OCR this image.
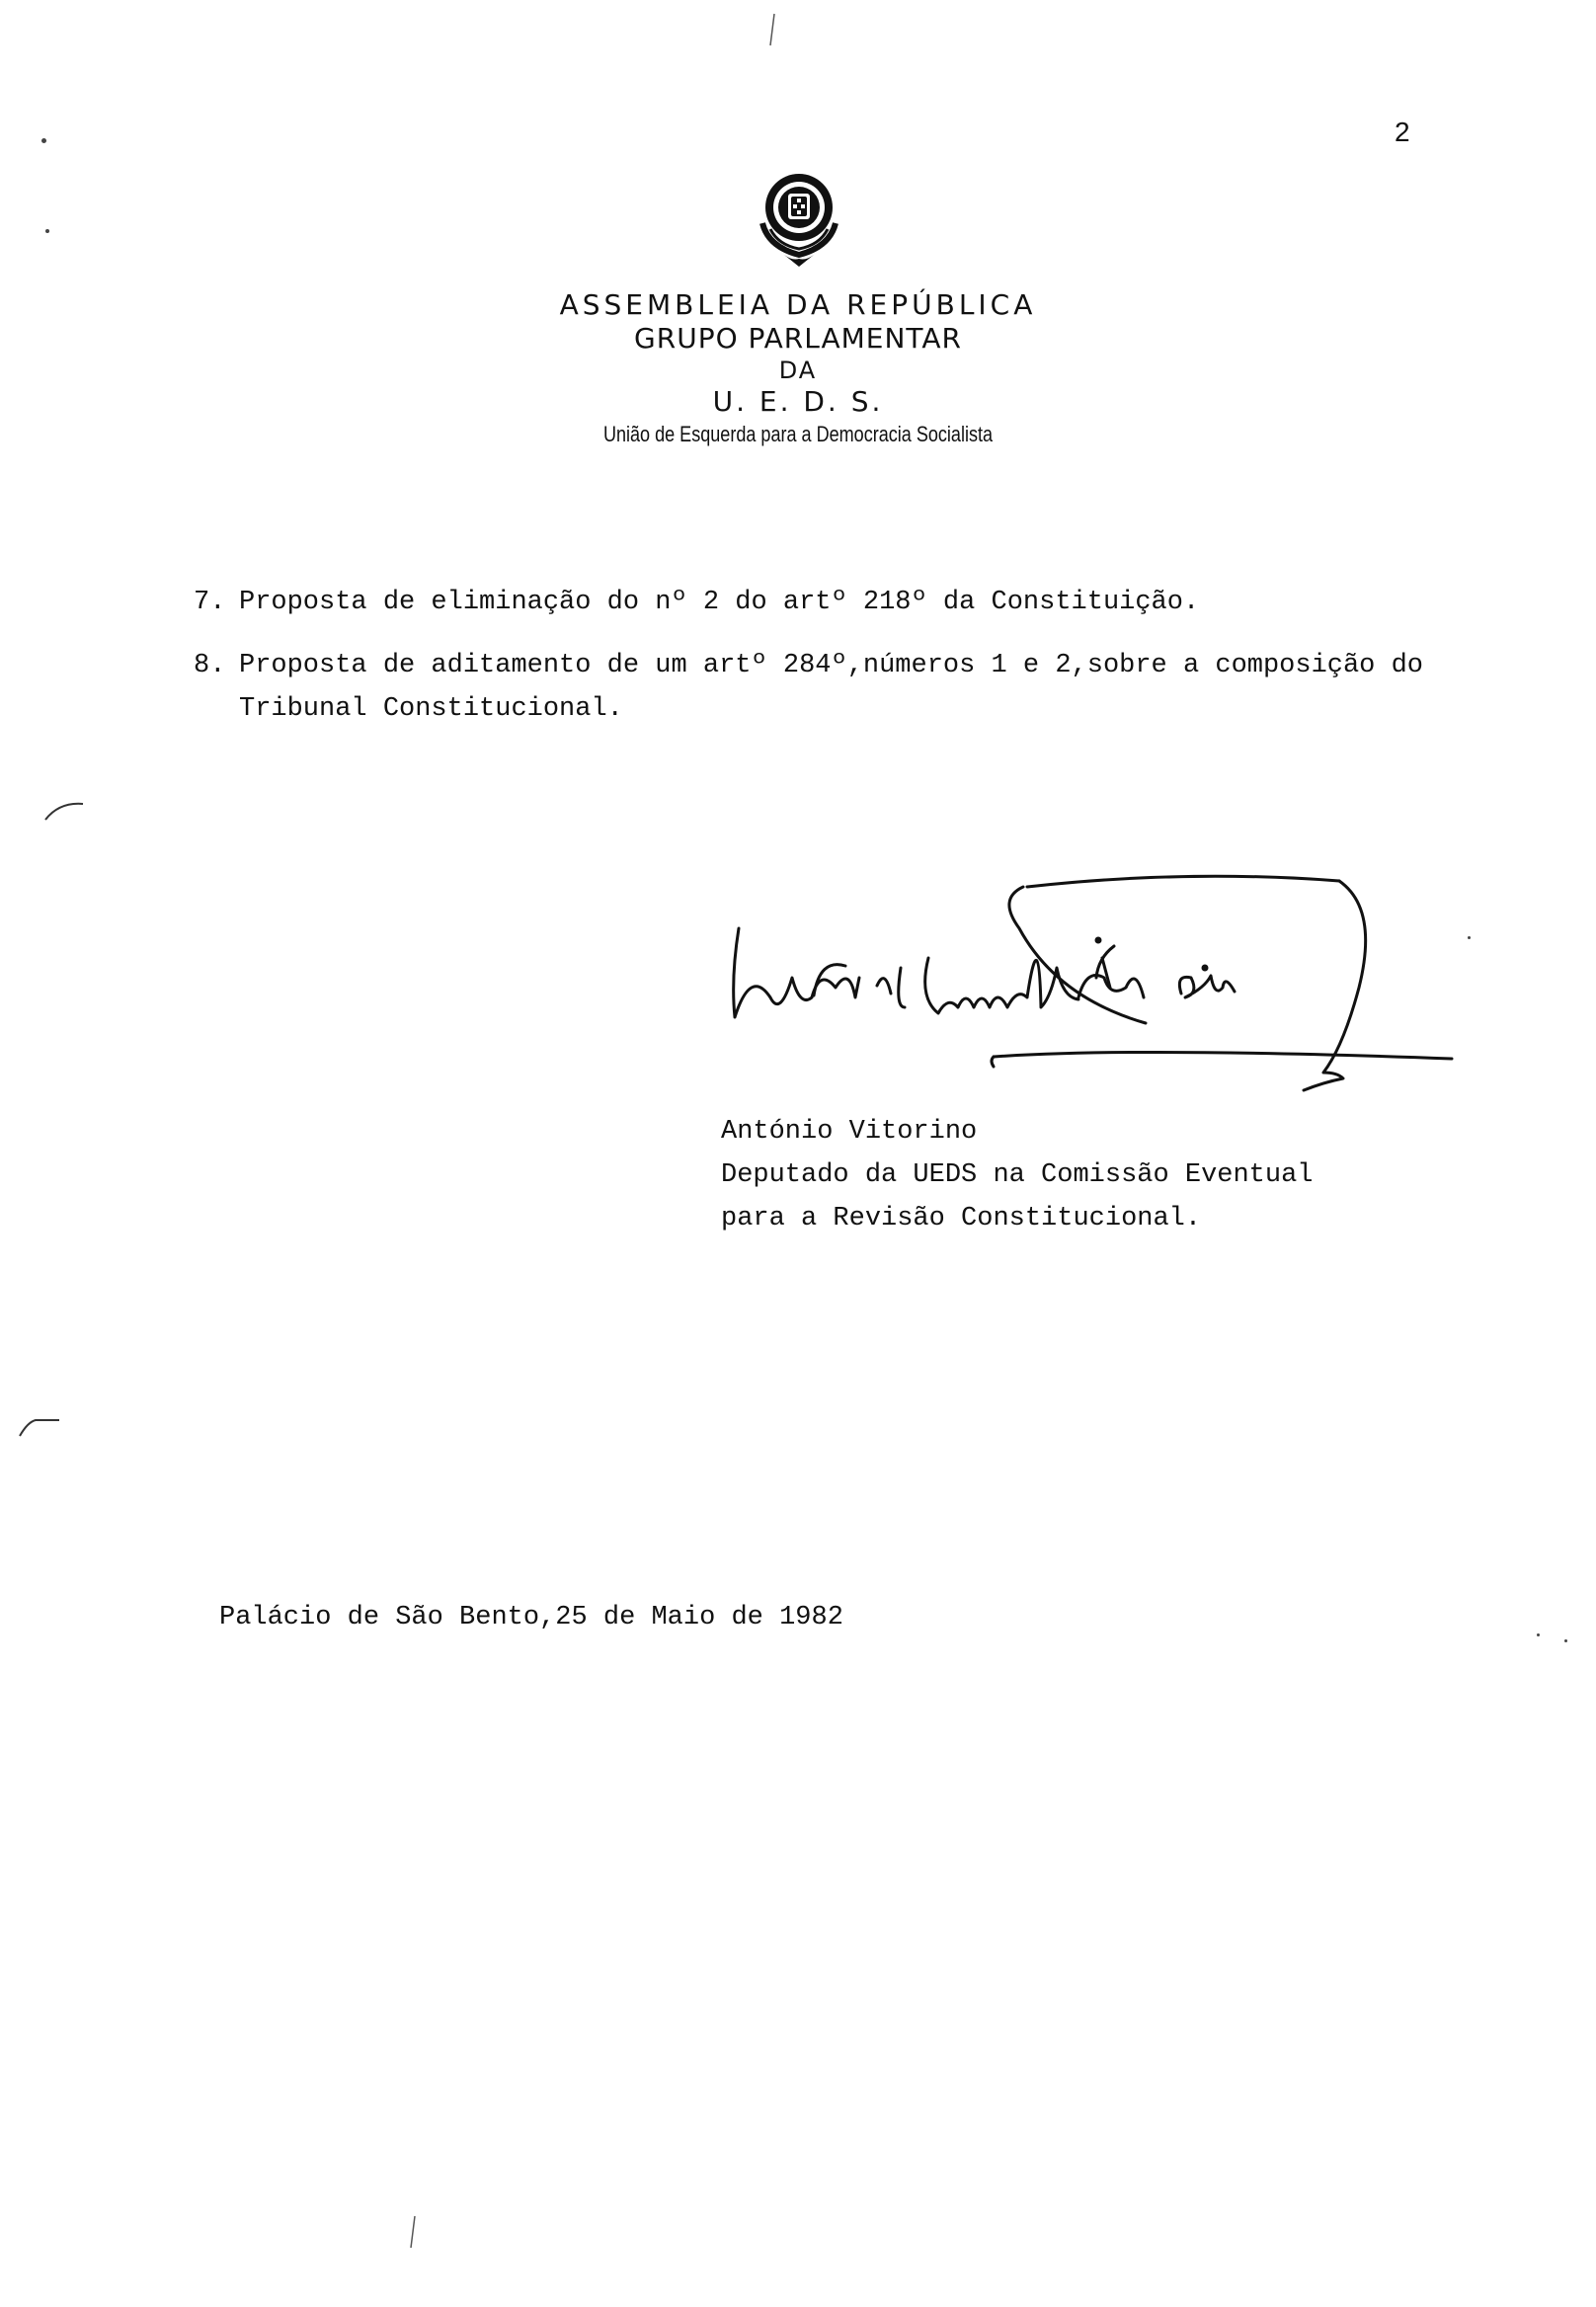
2
ASSEMBLEIA DA REPÚBLICA
GRUPO PARLAMENTAR
DA
U. E. D. S.
União de Esquerda para a Democracia Socialista
7. Proposta de eliminação do nº 2 do artº 218º da Constituição.
8. Proposta de aditamento de um artº 284º,números 1 e 2,sobre a composição do
Tribunal Constitucional.
António Vitorino
Deputado da UEDS na Comissão Eventual
para a Revisão Constitucional.
Palácio de São Bento,25 de Maio de 1982
